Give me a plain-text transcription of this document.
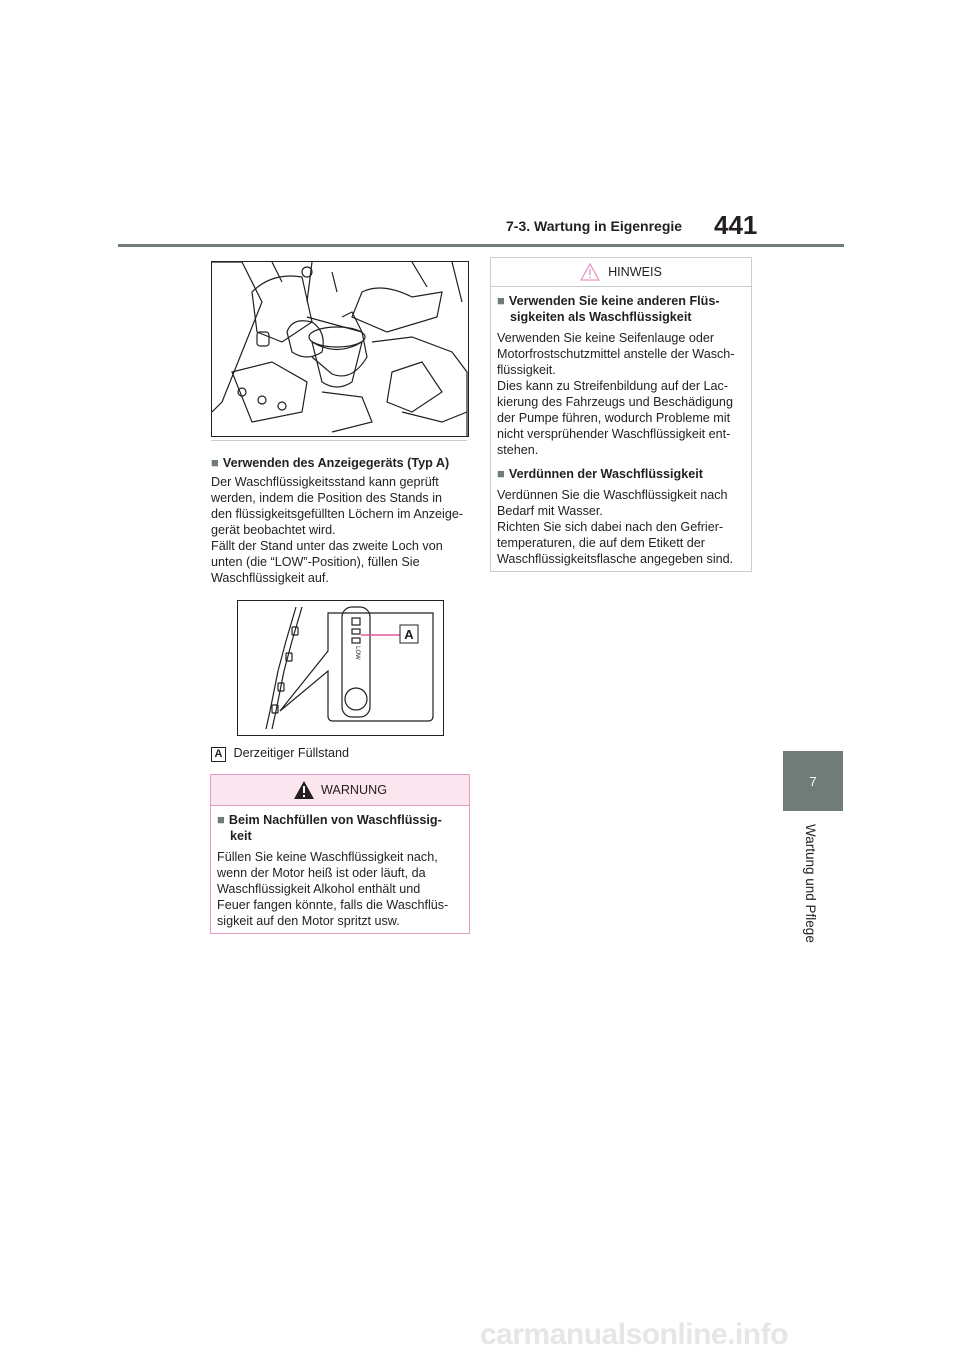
7-3. Wartung in Eigenregie 441
7
Wartung und Pflege
■ Verwenden des Anzeigegeräts (Typ A)

Der Waschflüssigkeitsstand kann geprüft

werden, indem die Position des Stands in

den flüssigkeitsgefüllten Löchern im Anzeige-

gerät beobachtet wird.

Fällt der Stand unter das zweite Loch von

unten (die “LOW”-Position), füllen Sie

Waschflüssigkeit auf.

A
LOW
A Derzeitiger Füllstand
WARNUNG

■ Beim Nachfüllen von Waschflüssig-

keit

Füllen Sie keine Waschflüssigkeit nach,

wenn der Motor heiß ist oder läuft, da

Waschflüssigkeit Alkohol enthält und

Feuer fangen könnte, falls die Waschflüs-

sigkeit auf den Motor spritzt usw.

HINWEIS

■ Verwenden Sie keine anderen Flüs-

sigkeiten als Waschflüssigkeit

Verwenden Sie keine Seifenlauge oder

Motorfrostschutzmittel anstelle der Wasch-

flüssigkeit.

Dies kann zu Streifenbildung auf der Lac-

kierung des Fahrzeugs und Beschädigung

der Pumpe führen, wodurch Probleme mit

nicht versprühender Waschflüssigkeit ent-

stehen.

■ Verdünnen der Waschflüssigkeit

Verdünnen Sie die Waschflüssigkeit nach

Bedarf mit Wasser.

Richten Sie sich dabei nach den Gefrier-

temperaturen, die auf dem Etikett der

Waschflüssigkeitsflasche angegeben sind.

carmanualsonline.info
